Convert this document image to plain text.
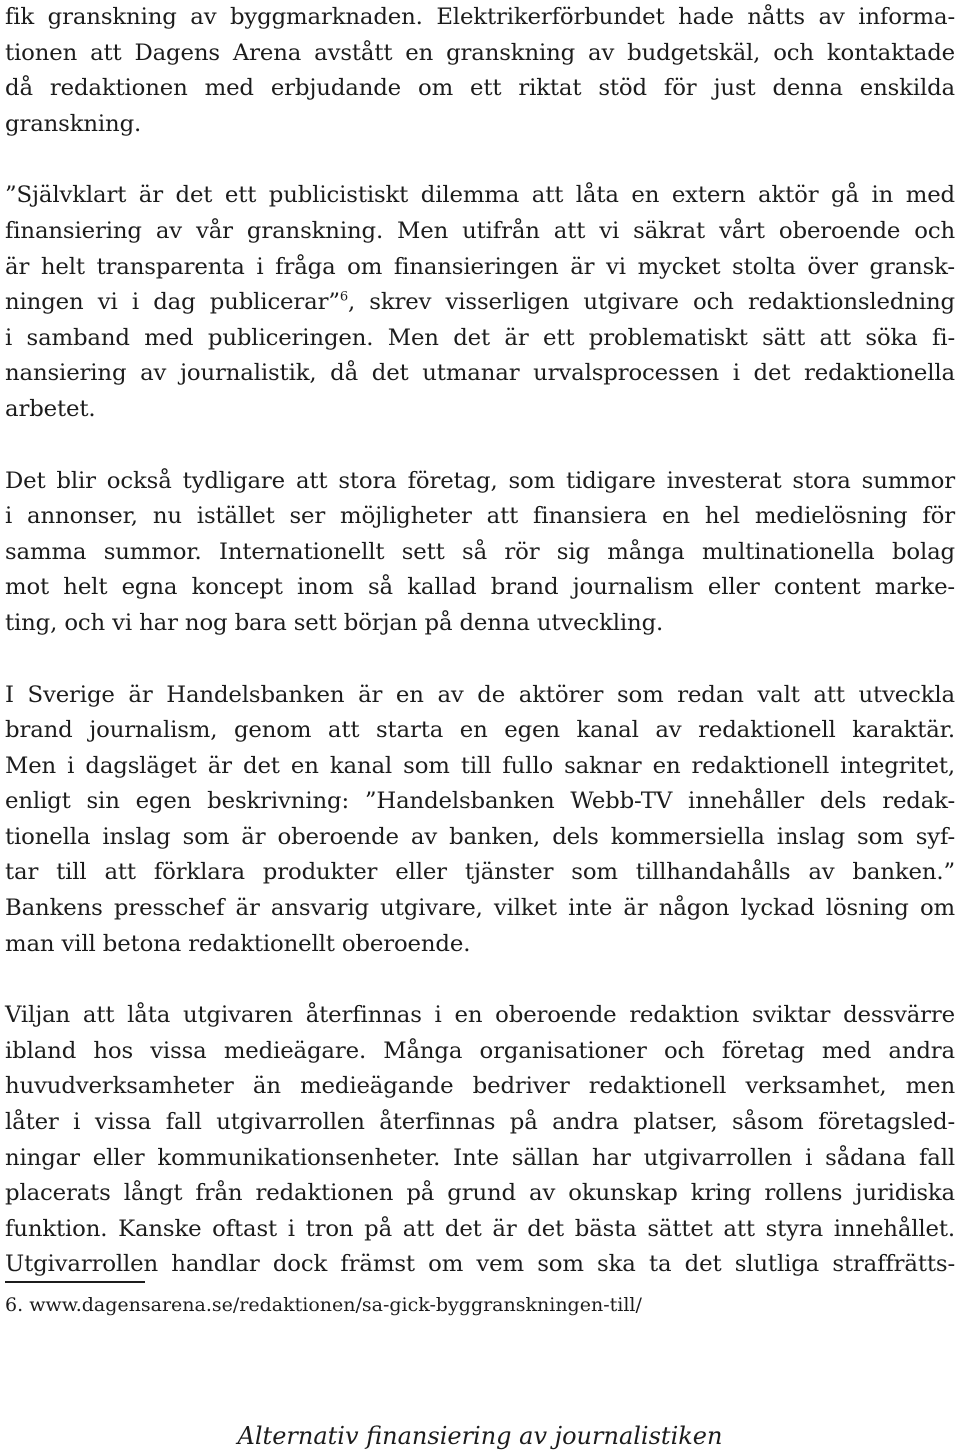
fik granskning av byggmarknaden. Elektrikerförbundet hade nåtts av informa-
tionen att Dagens Arena avstått en granskning av budgetskäl, och kontaktade
då redaktionen med erbjudande om ett riktat stöd för just denna enskilda
granskning.
”Självklart är det ett publicistiskt dilemma att låta en extern aktör gå in med
finansiering av vår granskning. Men utifrån att vi säkrat vårt oberoende och
är helt transparenta i fråga om finansieringen är vi mycket stolta över gransk-
ningen vi i dag publicerar”$^6$, skrev visserligen utgivare och redaktionsledning
i samband med publiceringen. Men det är ett problematiskt sätt att söka fi-
nansiering av journalistik, då det utmanar urvalsprocessen i det redaktionella
arbetet.
Det blir också tydligare att stora företag, som tidigare investerat stora summor
i annonser, nu istället ser möjligheter att finansiera en hel medielösning för
samma summor. Internationellt sett så rör sig många multinationella bolag
mot helt egna koncept inom så kallad brand journalism eller content marke-
ting, och vi har nog bara sett början på denna utveckling.
I Sverige är Handelsbanken är en av de aktörer som redan valt att utveckla
brand journalism, genom att starta en egen kanal av redaktionell karaktär.
Men i dagsläget är det en kanal som till fullo saknar en redaktionell integritet,
enligt sin egen beskrivning: ”Handelsbanken Webb-TV innehåller dels redak-
tionella inslag som är oberoende av banken, dels kommersiella inslag som syf-
tar till att förklara produkter eller tjänster som tillhandahålls av banken.”
Bankens presschef är ansvarig utgivare, vilket inte är någon lyckad lösning om
man vill betona redaktionellt oberoende.
Viljan att låta utgivaren återfinnas i en oberoende redaktion sviktar dessvärre
ibland hos vissa medieägare. Många organisationer och företag med andra
huvudverksamheter än medieägande bedriver redaktionell verksamhet, men
låter i vissa fall utgivarrollen återfinnas på andra platser, såsom företagsled-
ningar eller kommunikationsenheter. Inte sällan har utgivarrollen i sådana fall
placerats långt från redaktionen på grund av okunskap kring rollens juridiska
funktion. Kanske oftast i tron på att det är det bästa sättet att styra innehållet.
Utgivarrollen handlar dock främst om vem som ska ta det slutliga straffrätts-
6. www.dagensarena.se/redaktionen/sa-gick-byggranskningen-till/
Alternativ finansiering av journalistiken
